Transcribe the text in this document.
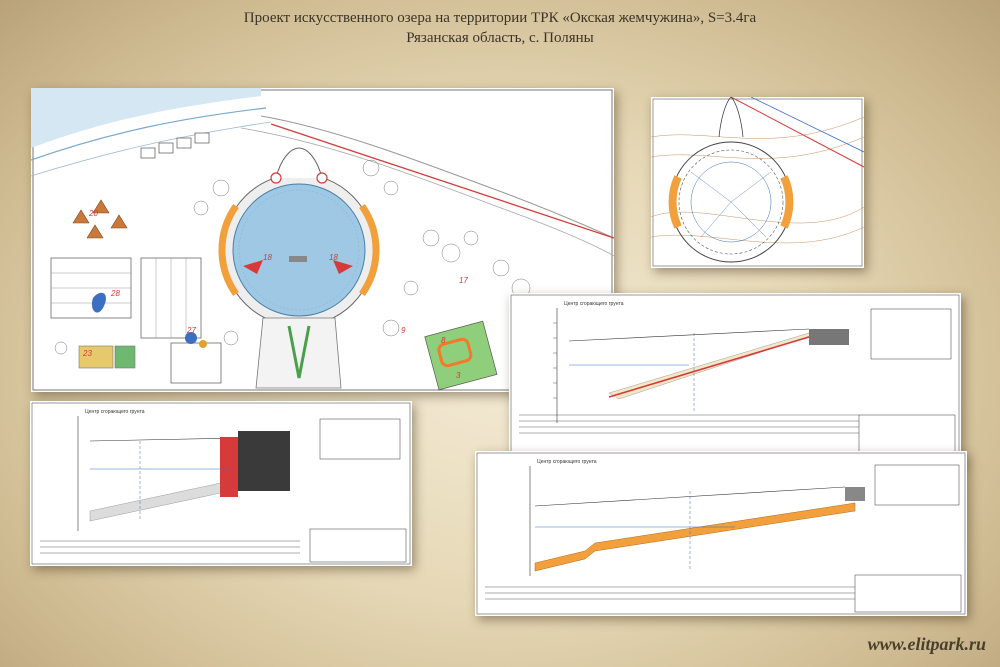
Проект искусственного озера на территории ТРК «Окская жемчужина», S=3.4га
Рязанская область, с. Поляны
20
18	18
17
28
27
23
8
9
3
Центр сгорающего грунта
Центр сгорающего грунта
Центр сгорающего грунта
www.elitpark.ru
